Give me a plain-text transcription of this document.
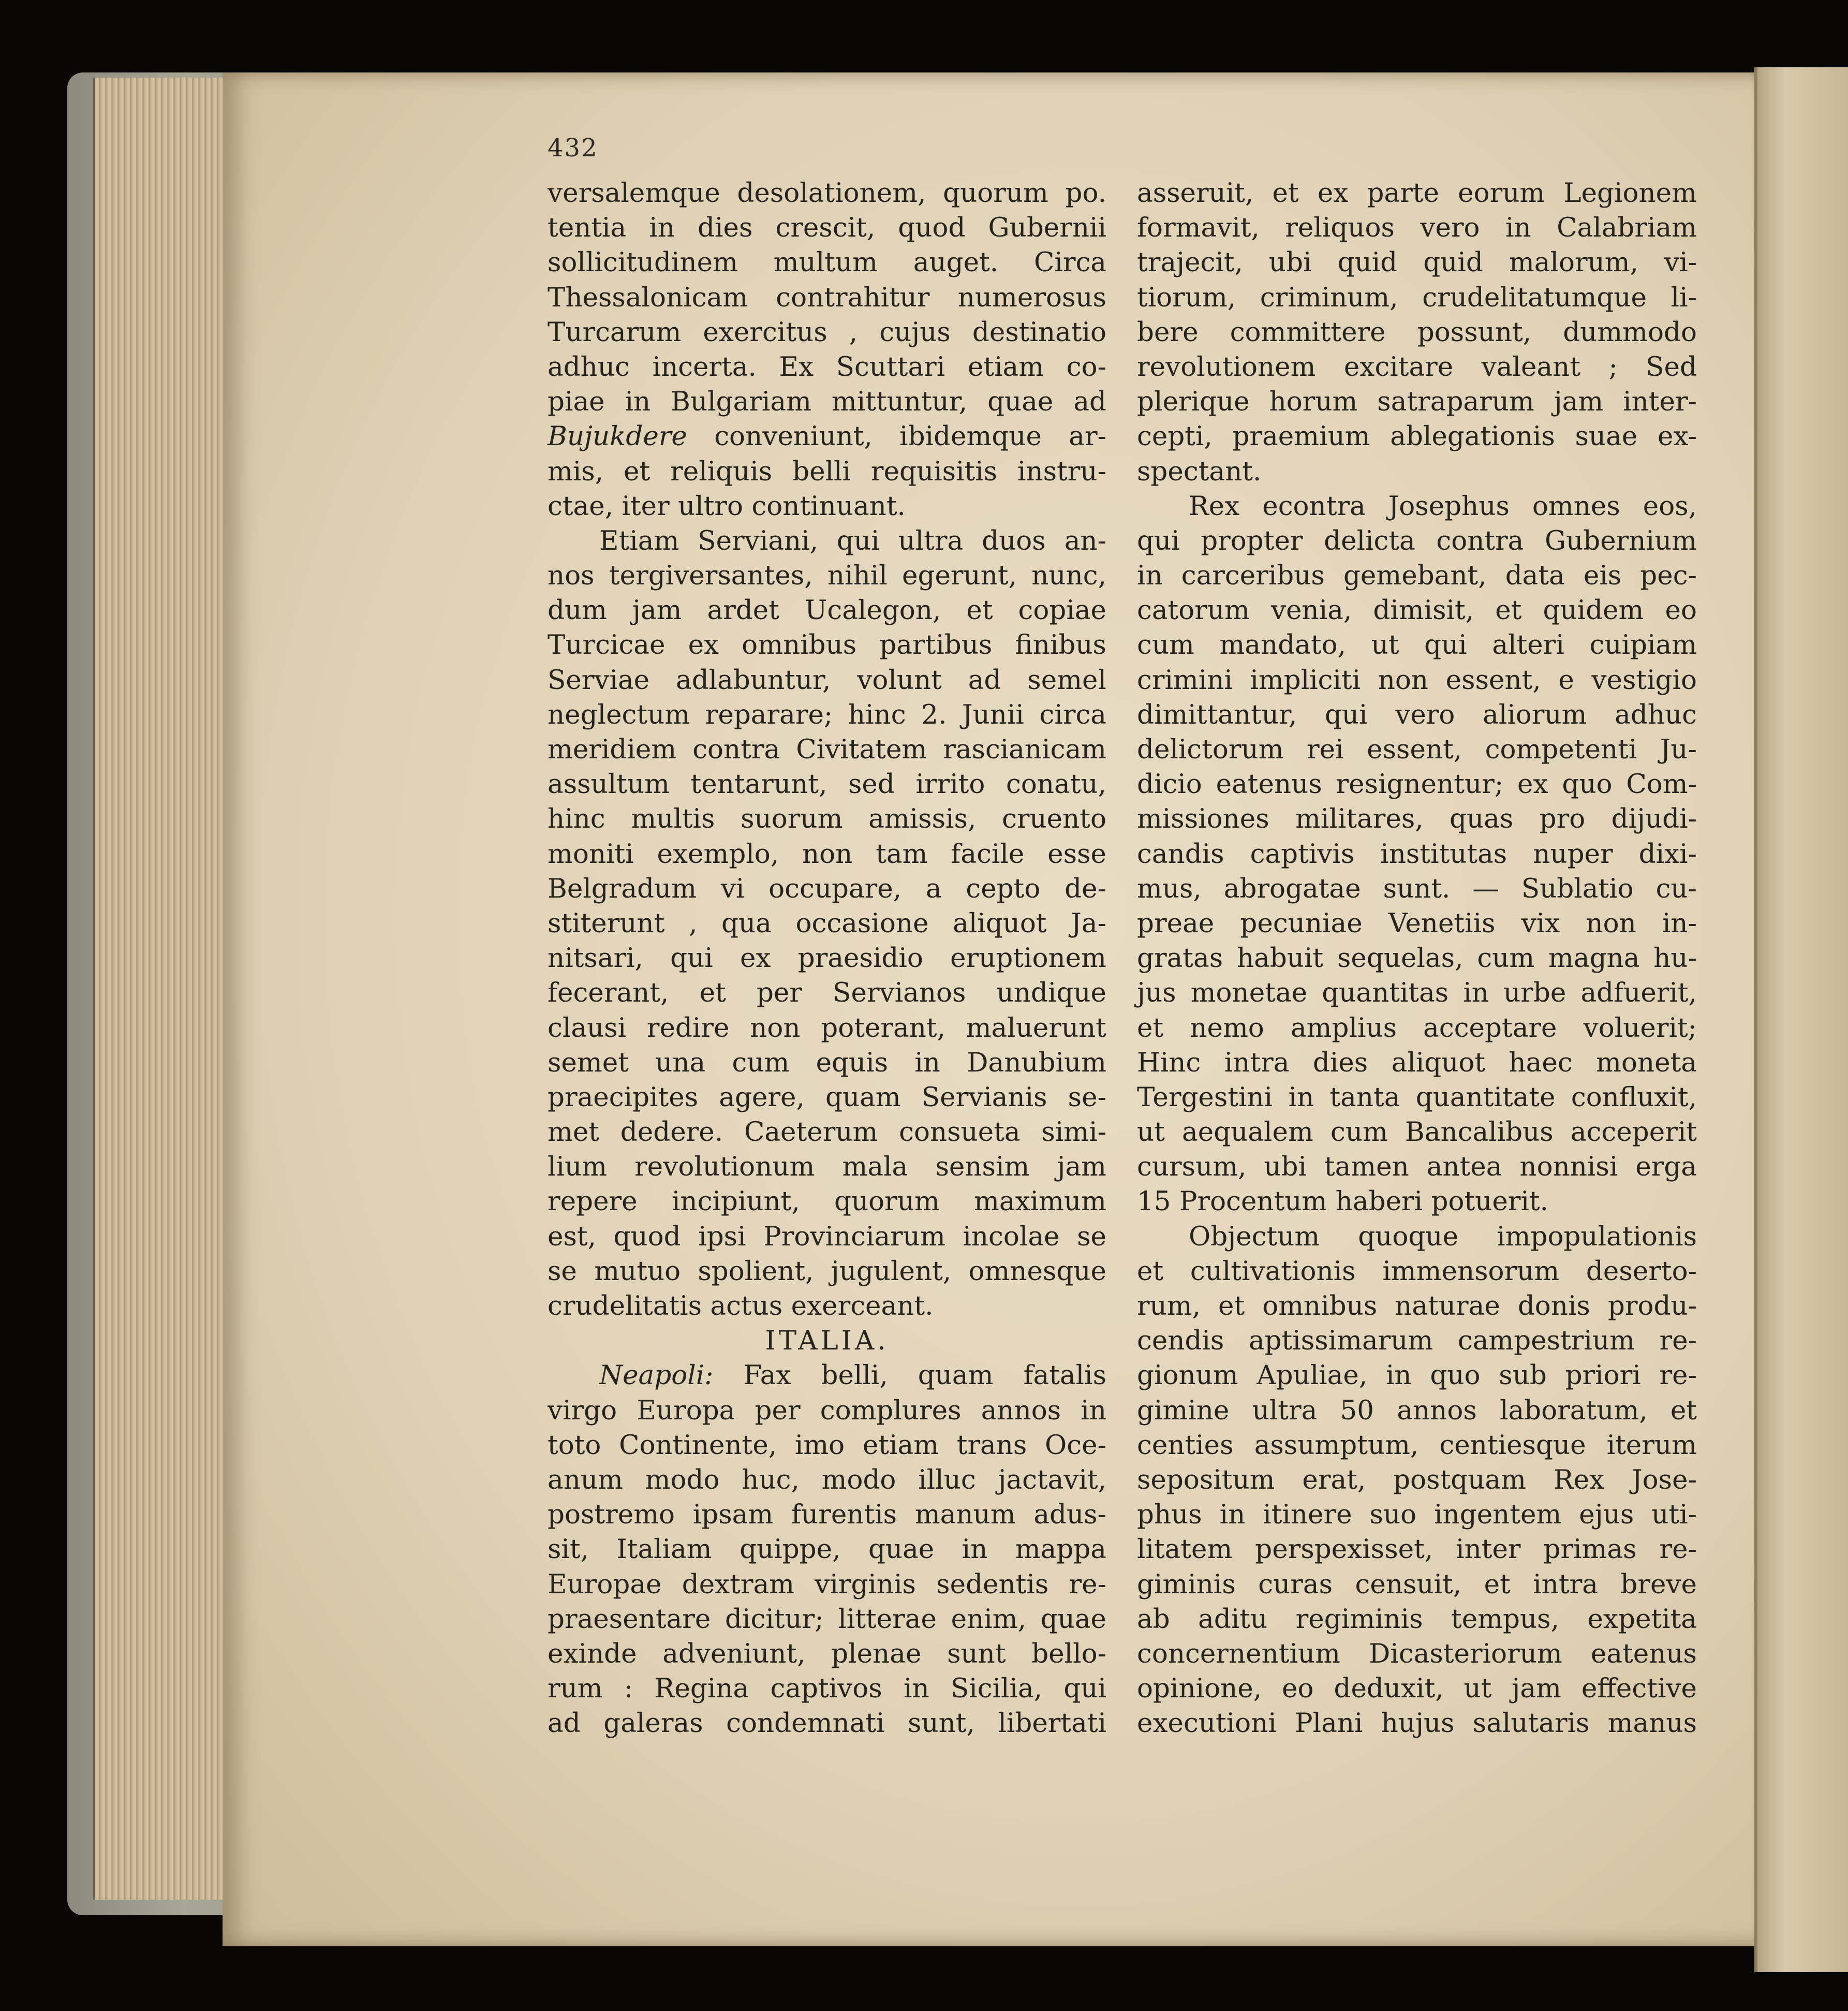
432
versalemque desolationem, quorum po.
tentia in dies crescit, quod Gubernii
sollicitudinem multum auget. Circa
Thessalonicam contrahitur numerosus
Turcarum exercitus , cujus destinatio
adhuc incerta. Ex Scuttari etiam co-
piae in Bulgariam mittuntur, quae ad
Bujukdere conveniunt, ibidemque ar-
mis, et reliquis belli requisitis instru-
ctae, iter ultro continuant.
Etiam Serviani, qui ultra duos an-
nos tergiversantes, nihil egerunt, nunc,
dum jam ardet Ucalegon, et copiae
Turcicae ex omnibus partibus finibus
Serviae adlabuntur, volunt ad semel
neglectum reparare; hinc 2. Junii circa
meridiem contra Civitatem rascianicam
assultum tentarunt, sed irrito conatu,
hinc multis suorum amissis, cruento
moniti exemplo, non tam facile esse
Belgradum vi occupare, a cepto de-
stiterunt , qua occasione aliquot Ja-
nitsari, qui ex praesidio eruptionem
fecerant, et per Servianos undique
clausi redire non poterant, maluerunt
semet una cum equis in Danubium
praecipites agere, quam Servianis se-
met dedere. Caeterum consueta simi-
lium revolutionum mala sensim jam
repere incipiunt, quorum maximum
est, quod ipsi Provinciarum incolae se
se mutuo spolient, jugulent, omnesque
crudelitatis actus exerceant.
ITALIA.
Neapoli: Fax belli, quam fatalis
virgo Europa per complures annos in
toto Continente, imo etiam trans Oce-
anum modo huc, modo illuc jactavit,
postremo ipsam furentis manum adus-
sit, Italiam quippe, quae in mappa
Europae dextram virginis sedentis re-
praesentare dicitur; litterae enim, quae
exinde adveniunt, plenae sunt bello-
rum : Regina captivos in Sicilia, qui
ad galeras condemnati sunt, libertati
asseruit, et ex parte eorum Legionem
formavit, reliquos vero in Calabriam
trajecit, ubi quid quid malorum, vi-
tiorum, criminum, crudelitatumque li-
bere committere possunt, dummodo
revolutionem excitare valeant ; Sed
plerique horum satraparum jam inter-
cepti, praemium ablegationis suae ex-
spectant.
Rex econtra Josephus omnes eos,
qui propter delicta contra Gubernium
in carceribus gemebant, data eis pec-
catorum venia, dimisit, et quidem eo
cum mandato, ut qui alteri cuipiam
crimini impliciti non essent, e vestigio
dimittantur, qui vero aliorum adhuc
delictorum rei essent, competenti Ju-
dicio eatenus resignentur; ex quo Com-
missiones militares, quas pro dijudi-
candis captivis institutas nuper dixi-
mus, abrogatae sunt. — Sublatio cu-
preae pecuniae Venetiis vix non in-
gratas habuit sequelas, cum magna hu-
jus monetae quantitas in urbe adfuerit,
et nemo amplius acceptare voluerit;
Hinc intra dies aliquot haec moneta
Tergestini in tanta quantitate confluxit,
ut aequalem cum Bancalibus acceperit
cursum, ubi tamen antea nonnisi erga
15 Procentum haberi potuerit.
Objectum quoque impopulationis
et cultivationis immensorum deserto-
rum, et omnibus naturae donis produ-
cendis aptissimarum campestrium re-
gionum Apuliae, in quo sub priori re-
gimine ultra 50 annos laboratum, et
centies assumptum, centiesque iterum
sepositum erat, postquam Rex Jose-
phus in itinere suo ingentem ejus uti-
litatem perspexisset, inter primas re-
giminis curas censuit, et intra breve
ab aditu regiminis tempus, expetita
concernentium Dicasteriorum eatenus
opinione, eo deduxit, ut jam effective
executioni Plani hujus salutaris manus
